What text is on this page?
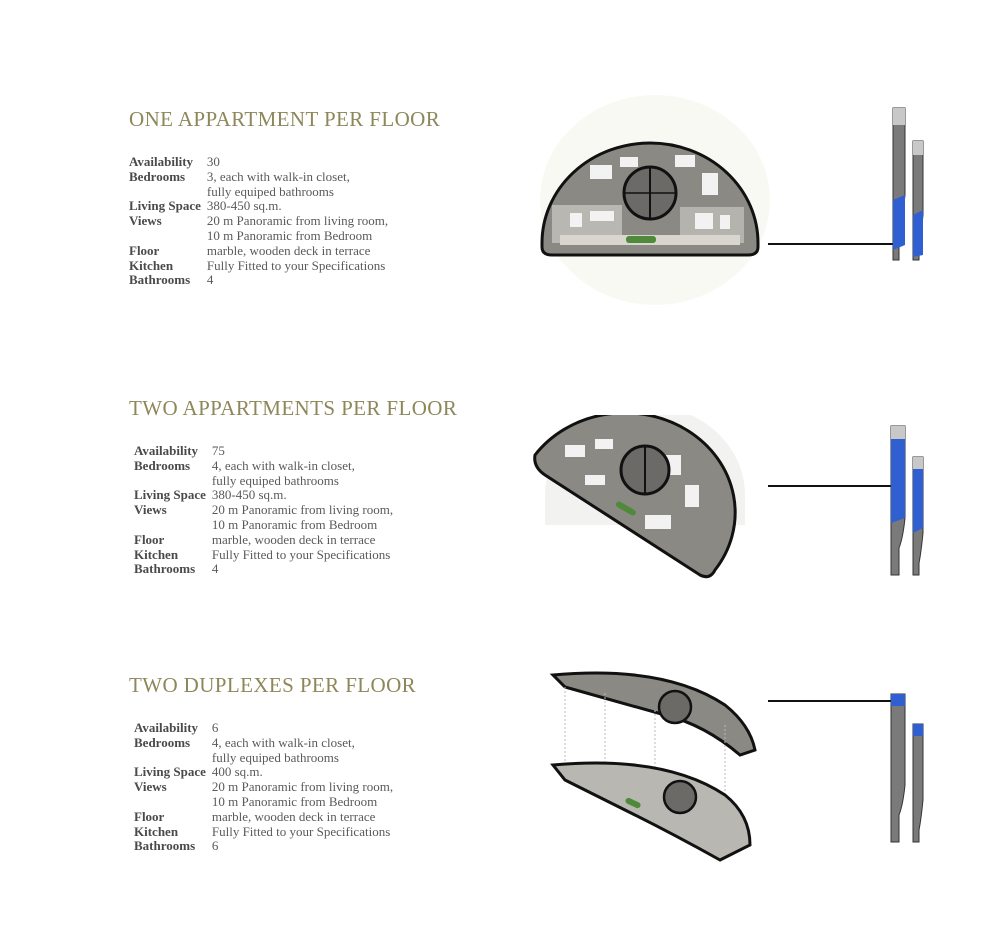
ONE APPARTMENT PER FLOOR
Availability	30
Bedrooms	3, each with walk-in closet,
	fully equiped bathrooms
Living Space	380-450 sq.m.
Views	20 m Panoramic from living room,
	10 m Panoramic from Bedroom
Floor	marble, wooden deck in terrace
Kitchen	Fully Fitted to your Specifications
Bathrooms	4
TWO APPARTMENTS PER FLOOR
Availability	75
Bedrooms	4, each with walk-in closet,
	fully equiped bathrooms
Living Space	380-450 sq.m.
Views	20 m Panoramic from living room,
	10 m Panoramic from Bedroom
Floor	marble, wooden deck in terrace
Kitchen	Fully Fitted to your Specifications
Bathrooms	4
TWO DUPLEXES PER FLOOR
Availability	6
Bedrooms	4, each with walk-in closet,
	fully equiped bathrooms
Living Space	400 sq.m.
Views	20 m Panoramic from living room,
	10 m Panoramic from Bedroom
Floor	marble, wooden deck in terrace
Kitchen	Fully Fitted to your Specifications
Bathrooms	6
